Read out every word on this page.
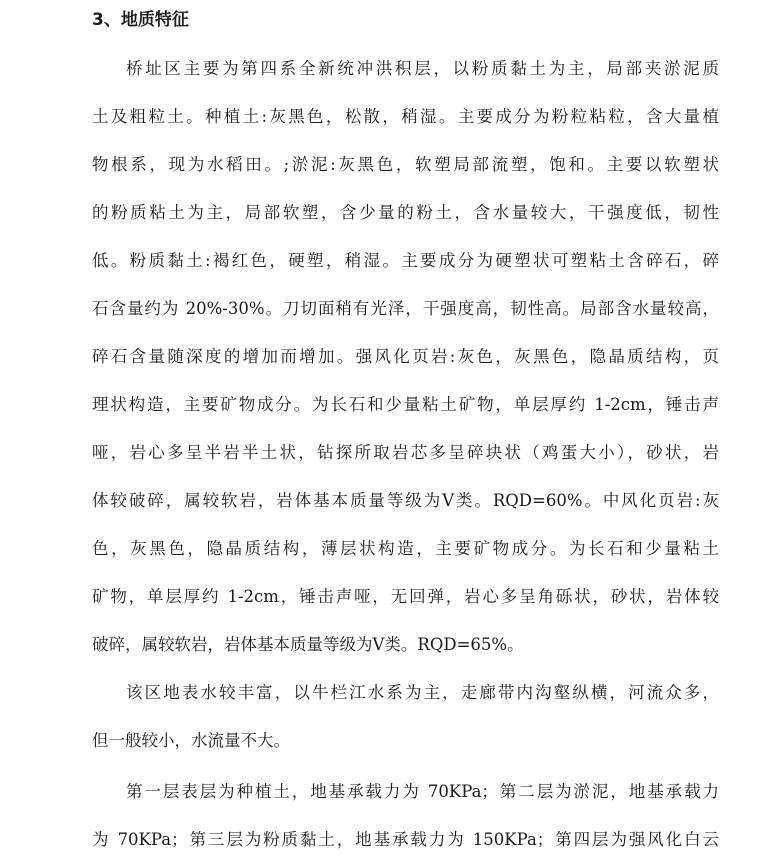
3、地质特征
桥址区主要为第四系全新统冲洪积层，以粉质黏土为主，局部夹淤泥质
土及粗粒土。种植土:灰黑色，松散，稍湿。主要成分为粉粒粘粒，含大量植
物根系，现为水稻田。;淤泥:灰黑色，软塑局部流塑，饱和。主要以软塑状
的粉质粘土为主，局部软塑，含少量的粉土，含水量较大，干强度低，韧性
低。粉质黏土:褐红色，硬塑，稍湿。主要成分为硬塑状可塑粘土含碎石，碎
石含量约为 20%-30%。刀切面稍有光泽，干强度高，韧性高。局部含水量较高，
碎石含量随深度的增加而增加。强风化页岩:灰色，灰黑色，隐晶质结构，页
理状构造，主要矿物成分。为长石和少量粘土矿物，单层厚约 1-2cm，锤击声
哑，岩心多呈半岩半土状，钻探所取岩芯多呈碎块状（鸡蛋大小），砂状，岩
体较破碎，属较软岩，岩体基本质量等级为Ⅴ类。RQD=60%。中风化页岩:灰
色，灰黑色，隐晶质结构，薄层状构造，主要矿物成分。为长石和少量粘土
矿物，单层厚约 1-2cm，锤击声哑，无回弹，岩心多呈角砾状，砂状，岩体较
破碎，属较软岩，岩体基本质量等级为Ⅴ类。RQD=65%。
该区地表水较丰富，以牛栏江水系为主，走廊带内沟壑纵横，河流众多，
但一般较小，水流量不大。
第一层表层为种植土，地基承载力为 70KPa；第二层为淤泥，地基承载力
为 70KPa；第三层为粉质黏土，地基承载力为 150KPa；第四层为强风化白云
